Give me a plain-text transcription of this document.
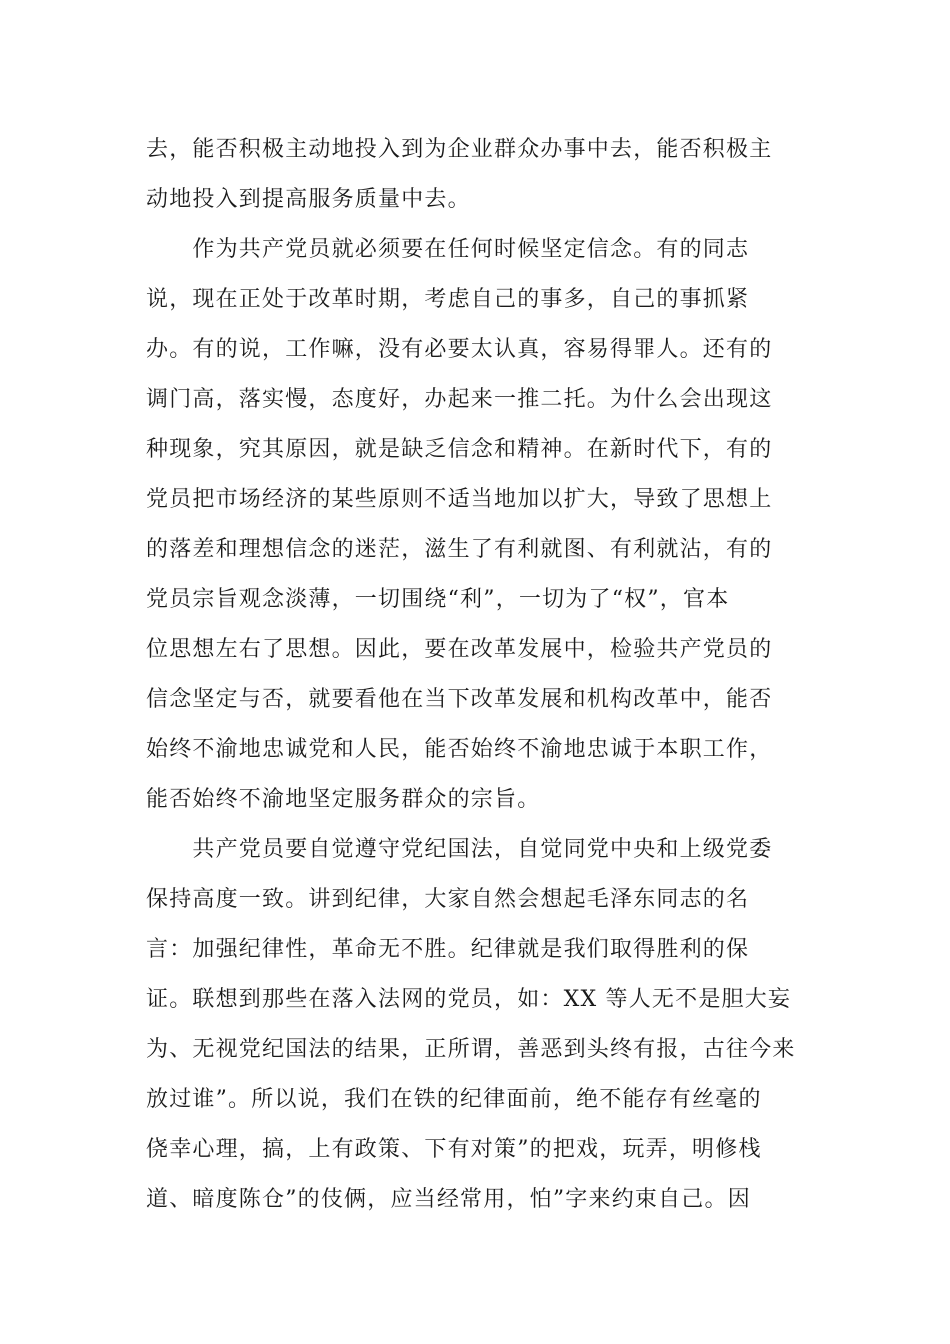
去，能否积极主动地投入到为企业群众办事中去，能否积极主
动地投入到提高服务质量中去。
　　作为共产党员就必须要在任何时候坚定信念。有的同志
说，现在正处于改革时期，考虑自己的事多，自己的事抓紧
办。有的说，工作嘛，没有必要太认真，容易得罪人。还有的
调门高，落实慢，态度好，办起来一推二托。为什么会出现这
种现象，究其原因，就是缺乏信念和精神。在新时代下，有的
党员把市场经济的某些原则不适当地加以扩大，导致了思想上
的落差和理想信念的迷茫，滋生了有利就图、有利就沾，有的
党员宗旨观念淡薄，一切围绕“利”，一切为了“权”，官本
位思想左右了思想。因此，要在改革发展中，检验共产党员的
信念坚定与否，就要看他在当下改革发展和机构改革中，能否
始终不渝地忠诚党和人民，能否始终不渝地忠诚于本职工作，
能否始终不渝地坚定服务群众的宗旨。
　　共产党员要自觉遵守党纪国法，自觉同党中央和上级党委
保持高度一致。讲到纪律，大家自然会想起毛泽东同志的名
言：加强纪律性，革命无不胜。纪律就是我们取得胜利的保
证。联想到那些在落入法网的党员，如：XX 等人无不是胆大妄
为、无视党纪国法的结果，正所谓，善恶到头终有报，古往今来
放过谁”。所以说，我们在铁的纪律面前，绝不能存有丝毫的
侥幸心理，搞，上有政策、下有对策”的把戏，玩弄，明修栈
道、暗度陈仓”的伎俩，应当经常用，怕”字来约束自己。因
